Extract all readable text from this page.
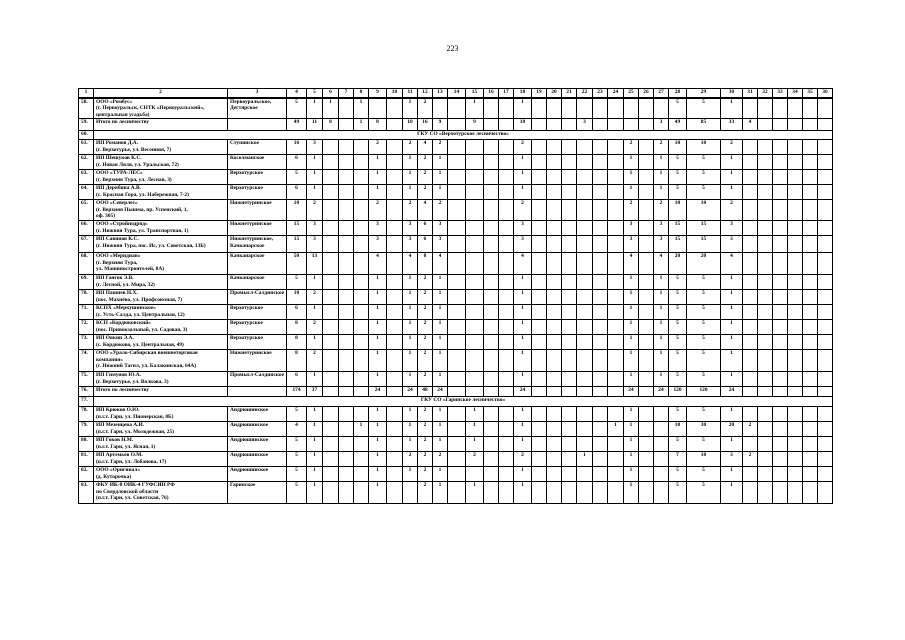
223
1	2	3	4	5	6	7	8	9	10	11	12	13	14	15	16	17	18	19	20	21	22	23	24	25	26	27	28	29	30	31	32	33	34	35	36
58.	ООО «Ромбус»
(г. Первоуральск, СНТК «Первоуральский»,
центральная усадьба)	Первоуральское,
Дегтярское	5	1	1		1			1	2			1			1										5	5	1						
59.	Итого по лесничеству		49	11	8		1	8		10	16	9		9			10				3					3	49	85	33	4					
60.	ГКУ СО «Верхотурское лесничество»																																		
61.	ИП Романов Д.А.
(г. Верхотурье, ул. Весенняя, 7)	Ступинское	16	3				2		2	4	2					2							2		2	10	10	2						
62.	ИП Шешуков К.С.
(г. Новая Ляля, ул. Уральская, 72)	Косолманское	6	1				1		1	2	1					1							1		1	5	5	1						
63.	ООО «ТУРА-ЛЕС»
(г. Верхняя Тура, ул. Лесная, 3)	Верхотурское	5	1				1		1	2	1					1							1		1	5	5	1						
64.	ИП Дерябина А.В.
(с. Красная Гора, ул. Набережная, 7-2)	Верхотурское	6	1				1		1	2	1					1							1		1	5	5	1						
65.	ООО «Северлес»
(г. Верхняя Пышма, пр. Успенский, 1,
оф. 305)	Нижнетуринское	10	2				2		2	4	2					2							2		2	10	10	2						
66.	ООО «Стройподряд»
(г. Нижняя Тура, ул. Транспортная, 1)	Нижнетуринское	15	3				3		3	6	3					3							3		3	15	15	3						
67.	ИП Савинов К.С.
(г. Нижняя Тура, пос. Ис, ул. Советская, 13Б)	Нижнетуринское,
Качканарское	15	3				3		3	6	3					3							3		3	15	15	3						
68.	ООО «Меридиан»
(г. Верхняя Тура,
ул. Машиностроителей, 8А)	Качканарское	50	13				4		4	8	4					4							4		4	20	20	4						
69.	ИП Гангов Э.В.
(г. Лесной, ул. Мира, 32)	Качканарское	5	1				1		1	2	1					1							1		1	5	5	1						
70.	ИП Пашнев Н.Х.
(пос. Махнёво, ул. Профсоюзная, 7)	Промысл-Салдинское	10	2				1		1	2	1					1							1		1	5	5	1						
71.	КСПХ «Меркушинское»
(с. Усть-Салда, ул. Центральная, 12)	Верхотурское	6	1				1		1	2	1					1							1		1	5	5	1						
72.	КСП «Кордюковский»
(пос. Привокзальный, ул. Садовая, 3)	Верхотурское	8	2				1		1	2	1					1							1		1	5	5	1						
73.	ИП Оякин Э.А.
(с. Кордюково, ул. Центральная, 49)	Верхотурское	8	1				1		1	2	1					1							1		1	5	5	1						
74.	ООО «Урало-Сибирская внешнеторговая
компания»
(г. Нижний Тагил, ул. Балакинская, 64А)	Нижнетуринское	8	2				1		1	2	1					1							1		1	5	5	1						
75.	ИП Гимунов Ю.А.
(г. Верхотурье, ул. Волкова, 3)	Промысл-Салдинское	6	1				1		1	2	1					1							1		1	5	5	1						
76.	Итого по лесничеству		174	37				24		24	48	24					24							24		24	120	120	24						
77.	ГКУ СО «Гаринское лесничество»																																		
78.	ИП Крюков О.Ю.
(п.г.т. Гари, ул. Пионерская, 8Б)	Андрюшинское	5	1				1		1	2	1		1			1							1			5	5	1						
79.	ИП Мезенцева А.И.
(п.г.т. Гари, ул. Молодежная, 25)	Андрюшинское	4	1			1	1		1	2	1		1			1						1	1			10	30	20	2					
80.	ИП Гоков Н.М.
(п.г.т. Гари, ул. Ясная, 1)	Андрюшинское	5	1				1		1	2	1		1			1							1			5	5	1						
81.	ИП Артемьев О.М.
(п.г.т. Гари, ул. Лобанова, 17)	Андрюшинское	5	1				1		2	2	2		2			2				1			1			7	10	3	2					
82.	ООО «Оригинал»
(д. Куторочка)	Андрюшинское	5	1				1		1	2	1					1							1			5	5	1						
83.	ФКУ ИК-8 ОИК-4 ГУФСИН РФ
по Свердловской области
(п.г.т. Гари, ул. Советская, 76)	Гаринское	5	1				1			2	1		1			1							1			5	5	1						
